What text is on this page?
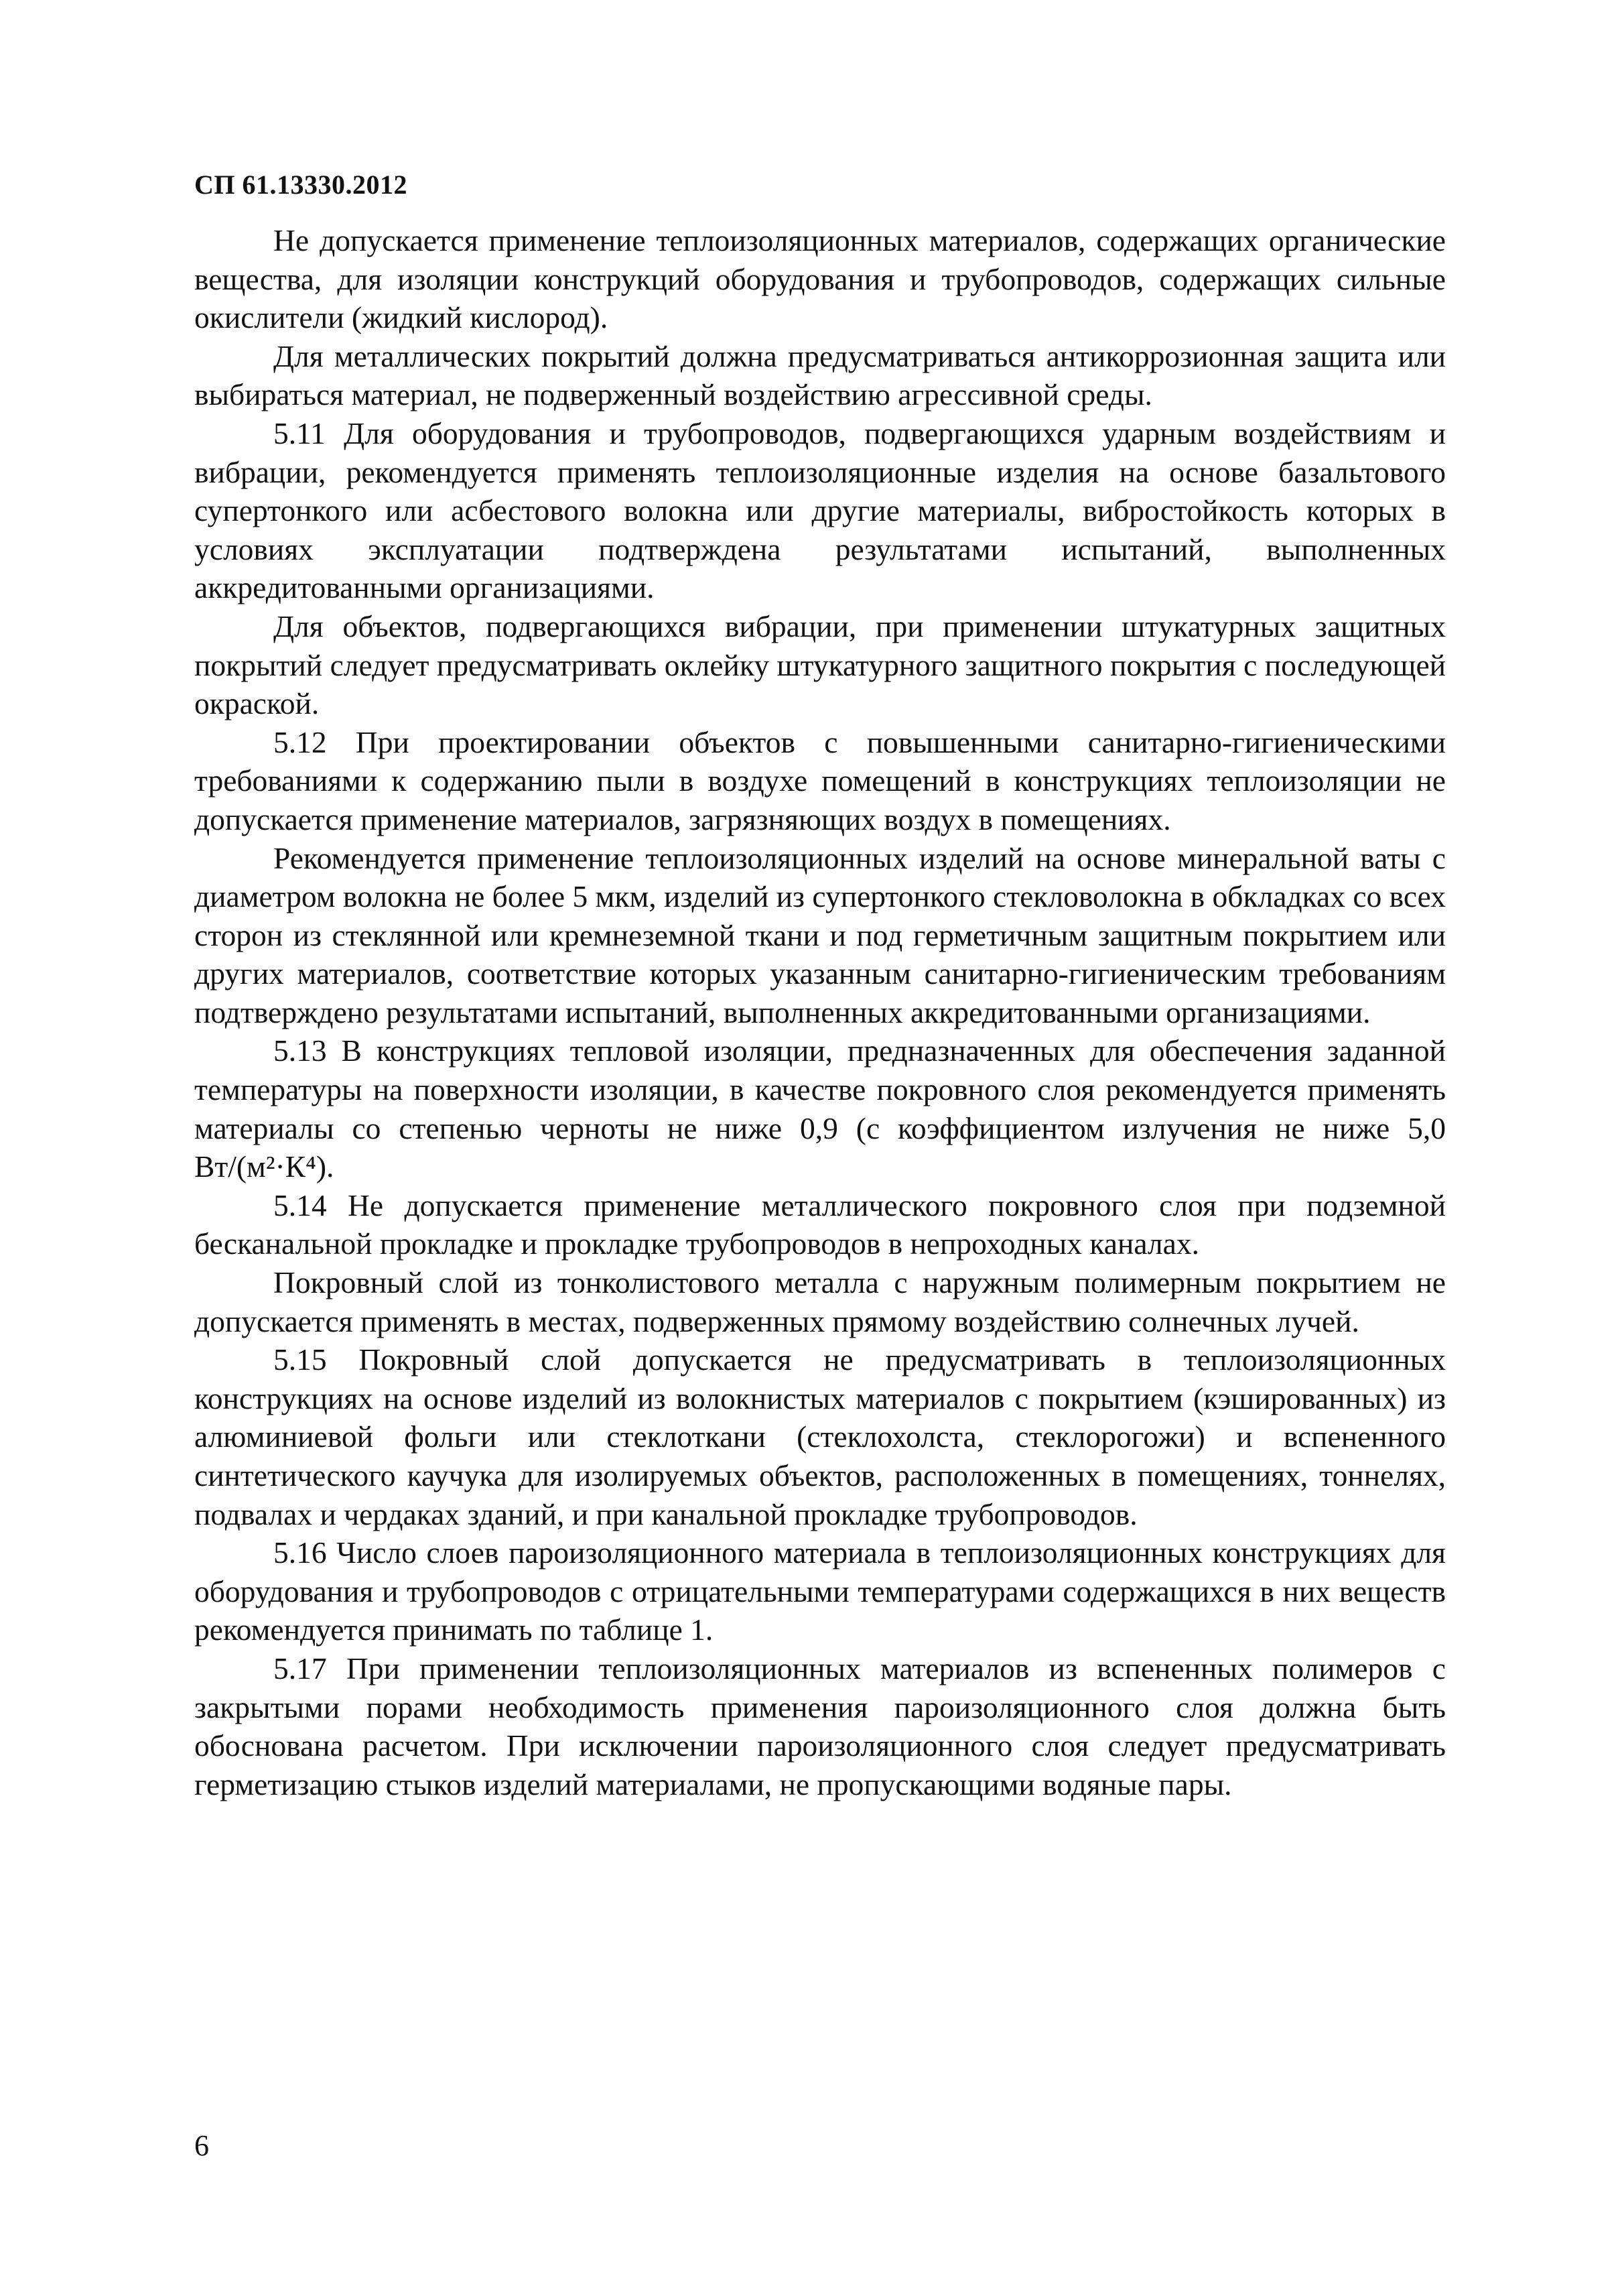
СП 61.13330.2012

Не допускается применение теплоизоляционных материалов, содержащих органические вещества, для изоляции конструкций оборудования и трубопроводов, содержащих сильные окислители (жидкий кислород).

Для металлических покрытий должна предусматриваться антикоррозионная защита или выбираться материал, не подверженный воздействию агрессивной среды.

5.11 Для оборудования и трубопроводов, подвергающихся ударным воздействиям и вибрации, рекомендуется применять теплоизоляционные изделия на основе базальтового супертонкого или асбестового волокна или другие материалы, вибростойкость которых в условиях эксплуатации подтверждена результатами испытаний, выполненных аккредитованными организациями.

Для объектов, подвергающихся вибрации, при применении штукатурных защитных покрытий следует предусматривать оклейку штукатурного защитного покрытия с последующей окраской.

5.12 При проектировании объектов с повышенными санитарно-гигиеническими требованиями к содержанию пыли в воздухе помещений в конструкциях теплоизоляции не допускается применение материалов, загрязняющих воздух в помещениях.

Рекомендуется применение теплоизоляционных изделий на основе минеральной ваты с диаметром волокна не более 5 мкм, изделий из супертонкого стекловолокна в обкладках со всех сторон из стеклянной или кремнеземной ткани и под герметичным защитным покрытием или других материалов, соответствие которых указанным санитарно-гигиеническим требованиям подтверждено результатами испытаний, выполненных аккредитованными организациями.

5.13 В конструкциях тепловой изоляции, предназначенных для обеспечения заданной температуры на поверхности изоляции, в качестве покровного слоя рекомендуется применять материалы со степенью черноты не ниже 0,9 (с коэффициентом излучения не ниже 5,0 Вт/(м²·К⁴).

5.14 Не допускается применение металлического покровного слоя при подземной бесканальной прокладке и прокладке трубопроводов в непроходных каналах.

Покровный слой из тонколистового металла с наружным полимерным покрытием не допускается применять в местах, подверженных прямому воздействию солнечных лучей.

5.15 Покровный слой допускается не предусматривать в теплоизоляционных конструкциях на основе изделий из волокнистых материалов с покрытием (кэшированных) из алюминиевой фольги или стеклоткани (стеклохолста, стеклорогожи) и вспененного синтетического каучука для изолируемых объектов, расположенных в помещениях, тоннелях, подвалах и чердаках зданий, и при канальной прокладке трубопроводов.

5.16 Число слоев пароизоляционного материала в теплоизоляционных конструкциях для оборудования и трубопроводов с отрицательными температурами содержащихся в них веществ рекомендуется принимать по таблице 1.

5.17 При применении теплоизоляционных материалов из вспененных полимеров с закрытыми порами необходимость применения пароизоляционного слоя должна быть обоснована расчетом. При исключении пароизоляционного слоя следует предусматривать герметизацию стыков изделий материалами, не пропускающими водяные пары.

6
